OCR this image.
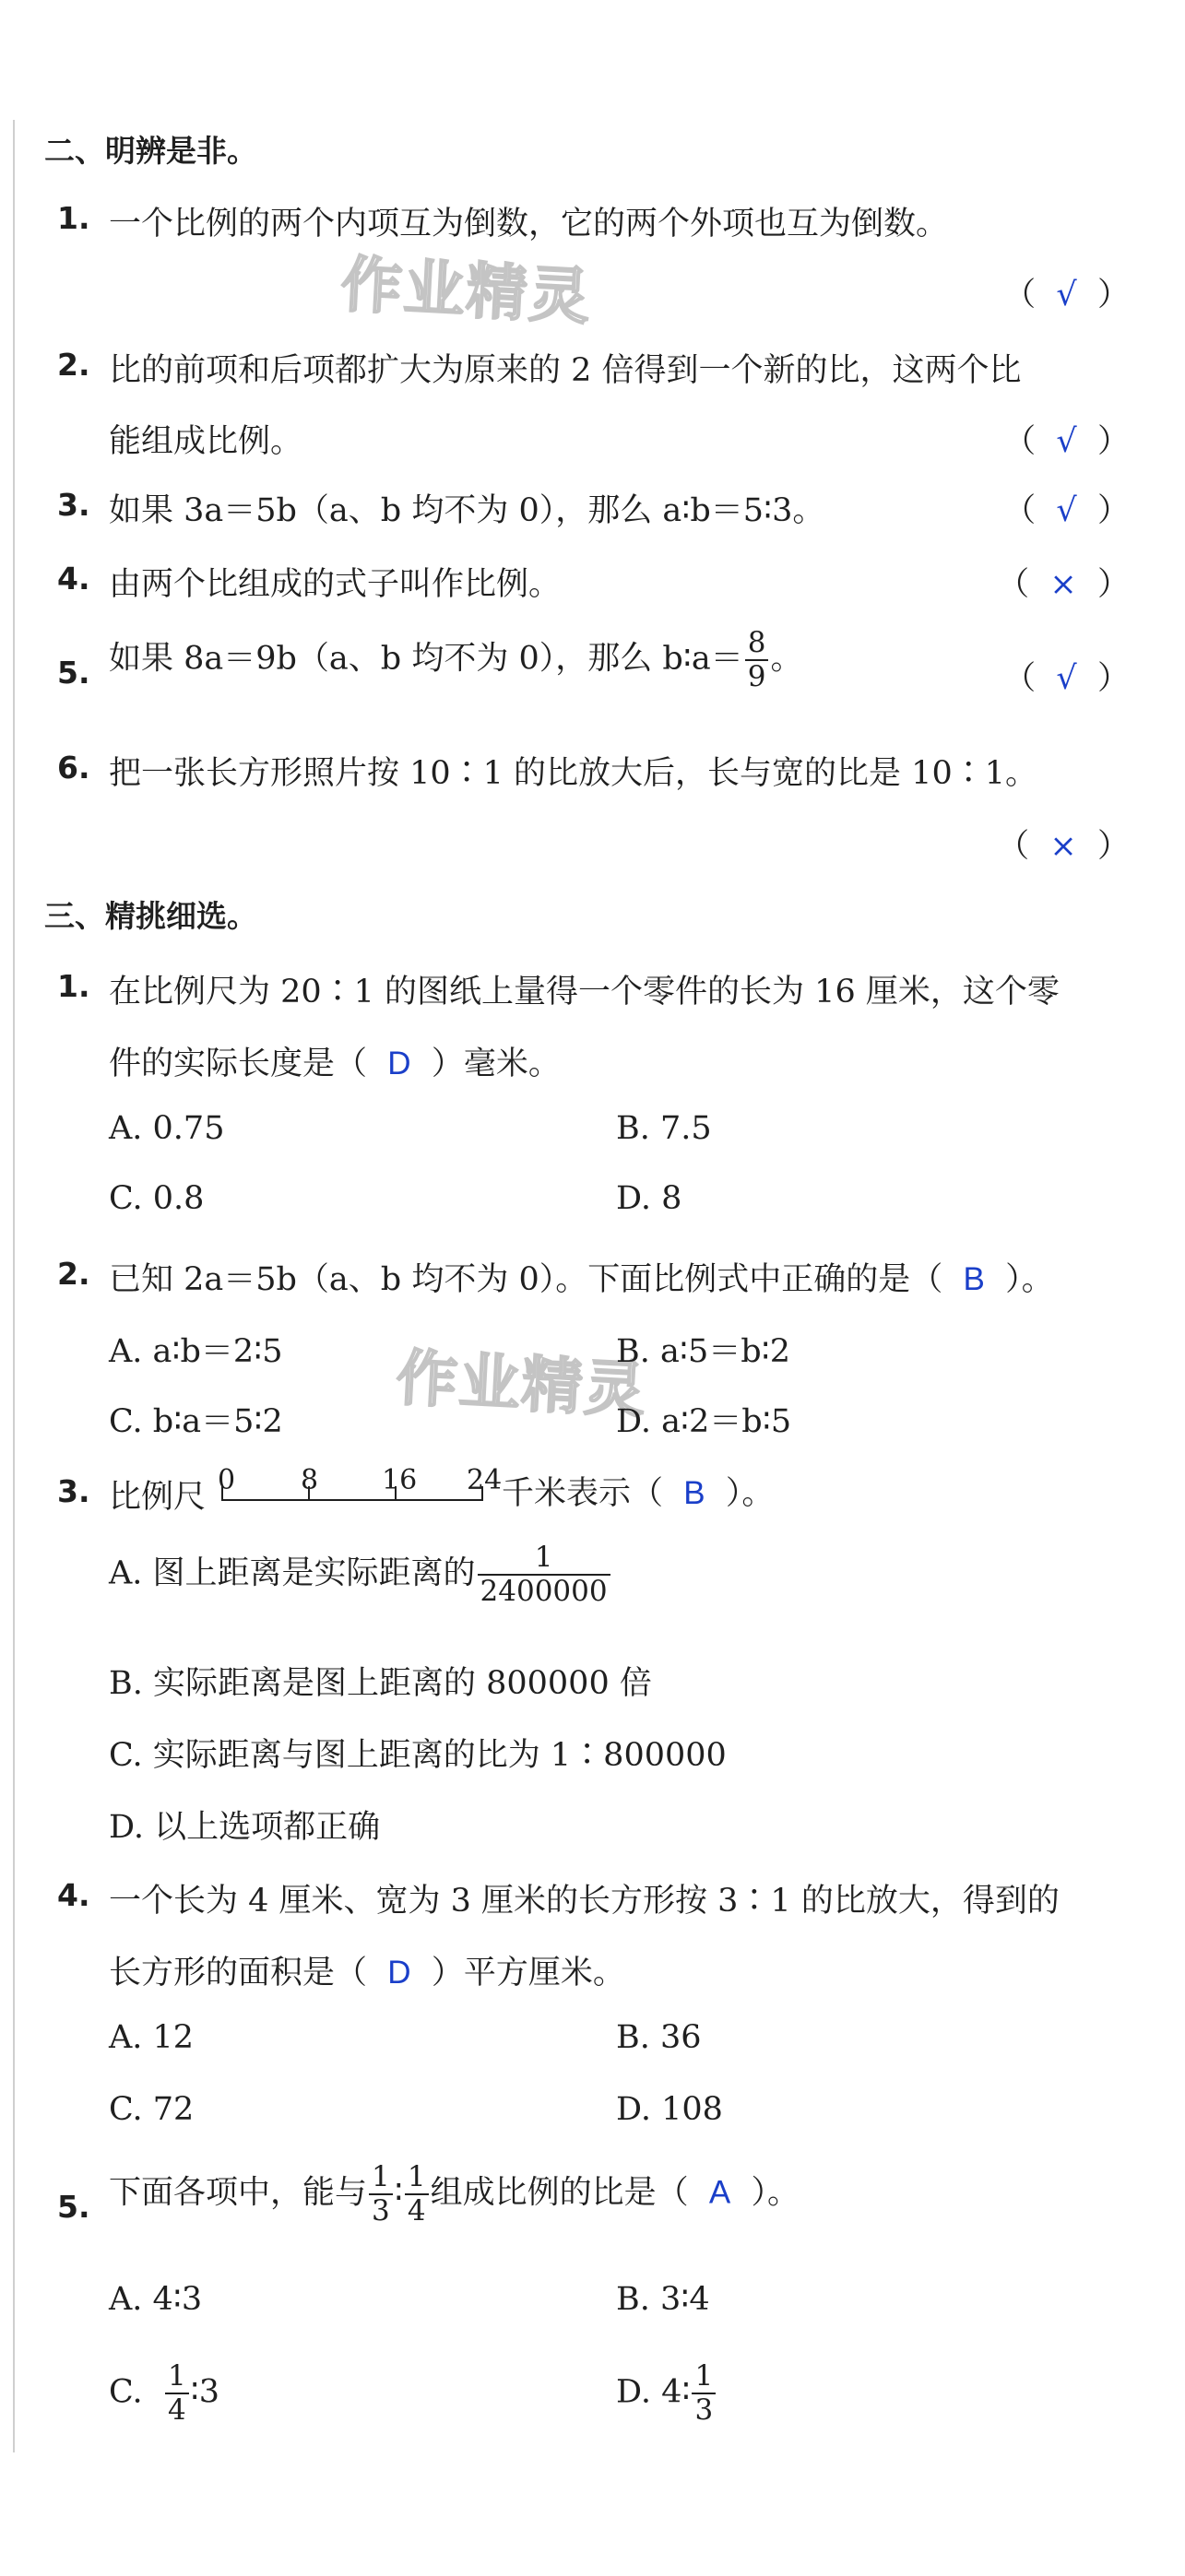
作业精灵
作业精灵
二、明辨是非。
1. 一个比例的两个内项互为倒数，它的两个外项也互为倒数。
（  √  ）
2. 比的前项和后项都扩大为原来的 2 倍得到一个新的比，这两个比
能组成比例。	（  √  ）
3. 如果 3a＝5b（a、b 均不为 0），那么 a∶b＝5∶3。	（  √  ）
4. 由两个比组成的式子叫作比例。	（  ×  ）
5. 如果 8a＝9b（a、b 均不为 0），那么 b∶a＝ $\frac{8}{9}$ 。
（  √  ）
6. 把一张长方形照片按 10∶1 的比放大后，长与宽的比是 10∶1。
（  ×  ）
三、精挑细选。
1. 在比例尺为 20∶1 的图纸上量得一个零件的长为 16 厘米，这个零
件的实际长度是（ D ）毫米。
A. 0.75	B. 7.5
C. 0.8	D. 8
2. 已知 2a＝5b（a、b 均不为 0）。下面比例式中正确的是（ B ）。
A. a∶b＝2∶5	B. a∶5＝b∶2
C. b∶a＝5∶2	D. a∶2＝b∶5
3. 比例尺 0 8 16 24 千米表示（ B ）。
A. 图上距离是实际距离的 $\frac{1}{2400000}$
B. 实际距离是图上距离的 800000 倍
C. 实际距离与图上距离的比为 1∶800000
D. 以上选项都正确
4. 一个长为 4 厘米、宽为 3 厘米的长方形按 3∶1 的比放大，得到的
长方形的面积是（ D ）平方厘米。
A. 12	B. 36
C. 72	D. 108
5. 下面各项中，能与 $\frac{1}{3}$ ∶ $\frac{1}{4}$ 组成比例的比是（ A ）。
A. 4∶3	B. 3∶4
C. $\frac{1}{4}$ ∶3	D. 4∶ $\frac{1}{3}$
